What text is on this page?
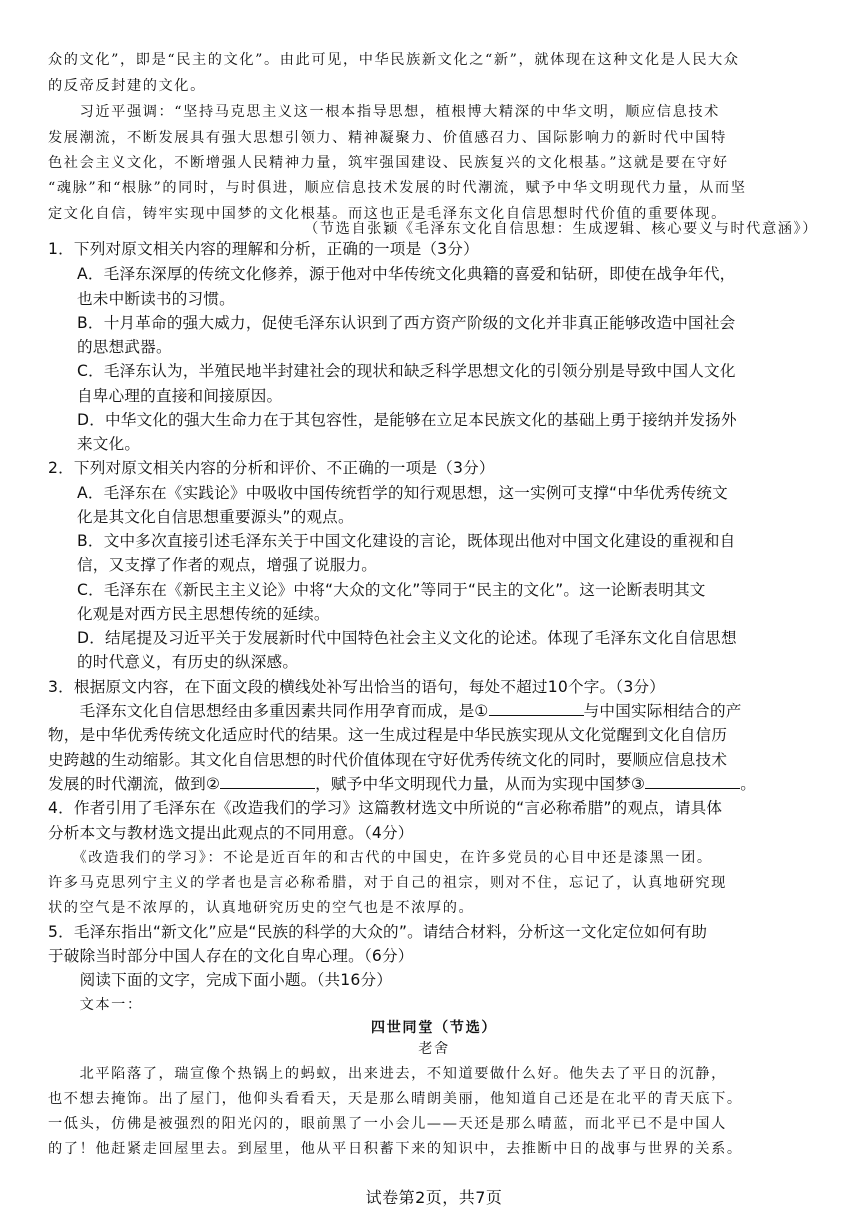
众的文化”，即是“民主的文化”。由此可见，中华民族新文化之“新”，就体现在这种文化是人民大众
的反帝反封建的文化。
　　习近平强调：“坚持马克思主义这一根本指导思想，植根博大精深的中华文明，顺应信息技术
发展潮流，不断发展具有强大思想引领力、精神凝聚力、价值感召力、国际影响力的新时代中国特
色社会主义文化，不断增强人民精神力量，筑牢强国建设、民族复兴的文化根基。”这就是要在守好
“魂脉”和“根脉”的同时，与时俱进，顺应信息技术发展的时代潮流，赋予中华文明现代力量，从而坚
定文化自信，铸牢实现中国梦的文化根基。而这也正是毛泽东文化自信思想时代价值的重要体现。
（节选自张颖《毛泽东文化自信思想：生成逻辑、核心要义与时代意涵》）
1．下列对原文相关内容的理解和分析，正确的一项是（3分）
A．毛泽东深厚的传统文化修养，源于他对中华传统文化典籍的喜爱和钻研，即使在战争年代，
也未中断读书的习惯。
B．十月革命的强大威力，促使毛泽东认识到了西方资产阶级的文化并非真正能够改造中国社会
的思想武器。
C．毛泽东认为，半殖民地半封建社会的现状和缺乏科学思想文化的引领分别是导致中国人文化
自卑心理的直接和间接原因。
D．中华文化的强大生命力在于其包容性，是能够在立足本民族文化的基础上勇于接纳并发扬外
来文化。
2．下列对原文相关内容的分析和评价、不正确的一项是（3分）
A．毛泽东在《实践论》中吸收中国传统哲学的知行观思想，这一实例可支撑“中华优秀传统文
化是其文化自信思想重要源头”的观点。
B．文中多次直接引述毛泽东关于中国文化建设的言论，既体现出他对中国文化建设的重视和自
信，又支撑了作者的观点，增强了说服力。
C．毛泽东在《新民主主义论》中将“大众的文化”等同于“民主的文化”。这一论断表明其文
化观是对西方民主思想传统的延续。
D．结尾提及习近平关于发展新时代中国特色社会主义文化的论述。体现了毛泽东文化自信思想
的时代意义，有历史的纵深感。
3．根据原文内容，在下面文段的横线处补写出恰当的语句，每处不超过10个字。（3分）
　　毛泽东文化自信思想经由多重因素共同作用孕育而成，是①	与中国实际相结合的产
物，是中华优秀传统文化适应时代的结果。这一生成过程是中华民族实现从文化觉醒到文化自信历
史跨越的生动缩影。其文化自信思想的时代价值体现在守好优秀传统文化的同时，要顺应信息技术
发展的时代潮流，做到②	，赋予中华文明现代力量，从而为实现中国梦③	。
4．作者引用了毛泽东在《改造我们的学习》这篇教材选文中所说的“言必称希腊”的观点，请具体
分析本文与教材选文提出此观点的不同用意。（4分）
　　《改造我们的学习》：不论是近百年的和古代的中国史，在许多党员的心目中还是漆黑一团。
许多马克思列宁主义的学者也是言必称希腊，对于自己的祖宗，则对不住，忘记了，认真地研究现
状的空气是不浓厚的，认真地研究历史的空气也是不浓厚的。
5．毛泽东指出“新文化”应是“民族的科学的大众的”。请结合材料，分析这一文化定位如何有助
于破除当时部分中国人存在的文化自卑心理。（6分）
　　阅读下面的文字，完成下面小题。（共16分）
　　文本一：
四世同堂（节选）
老舍
　　北平陷落了，瑞宣像个热锅上的蚂蚁，出来进去，不知道要做什么好。他失去了平日的沉静，
也不想去掩饰。出了屋门，他仰头看看天，天是那么晴朗美丽，他知道自己还是在北平的青天底下。
一低头，仿佛是被强烈的阳光闪的，眼前黑了一小会儿——天还是那么晴蓝，而北平已不是中国人
的了！他赶紧走回屋里去。到屋里，他从平日积蓄下来的知识中，去推断中日的战事与世界的关系。
试卷第2页，共7页
